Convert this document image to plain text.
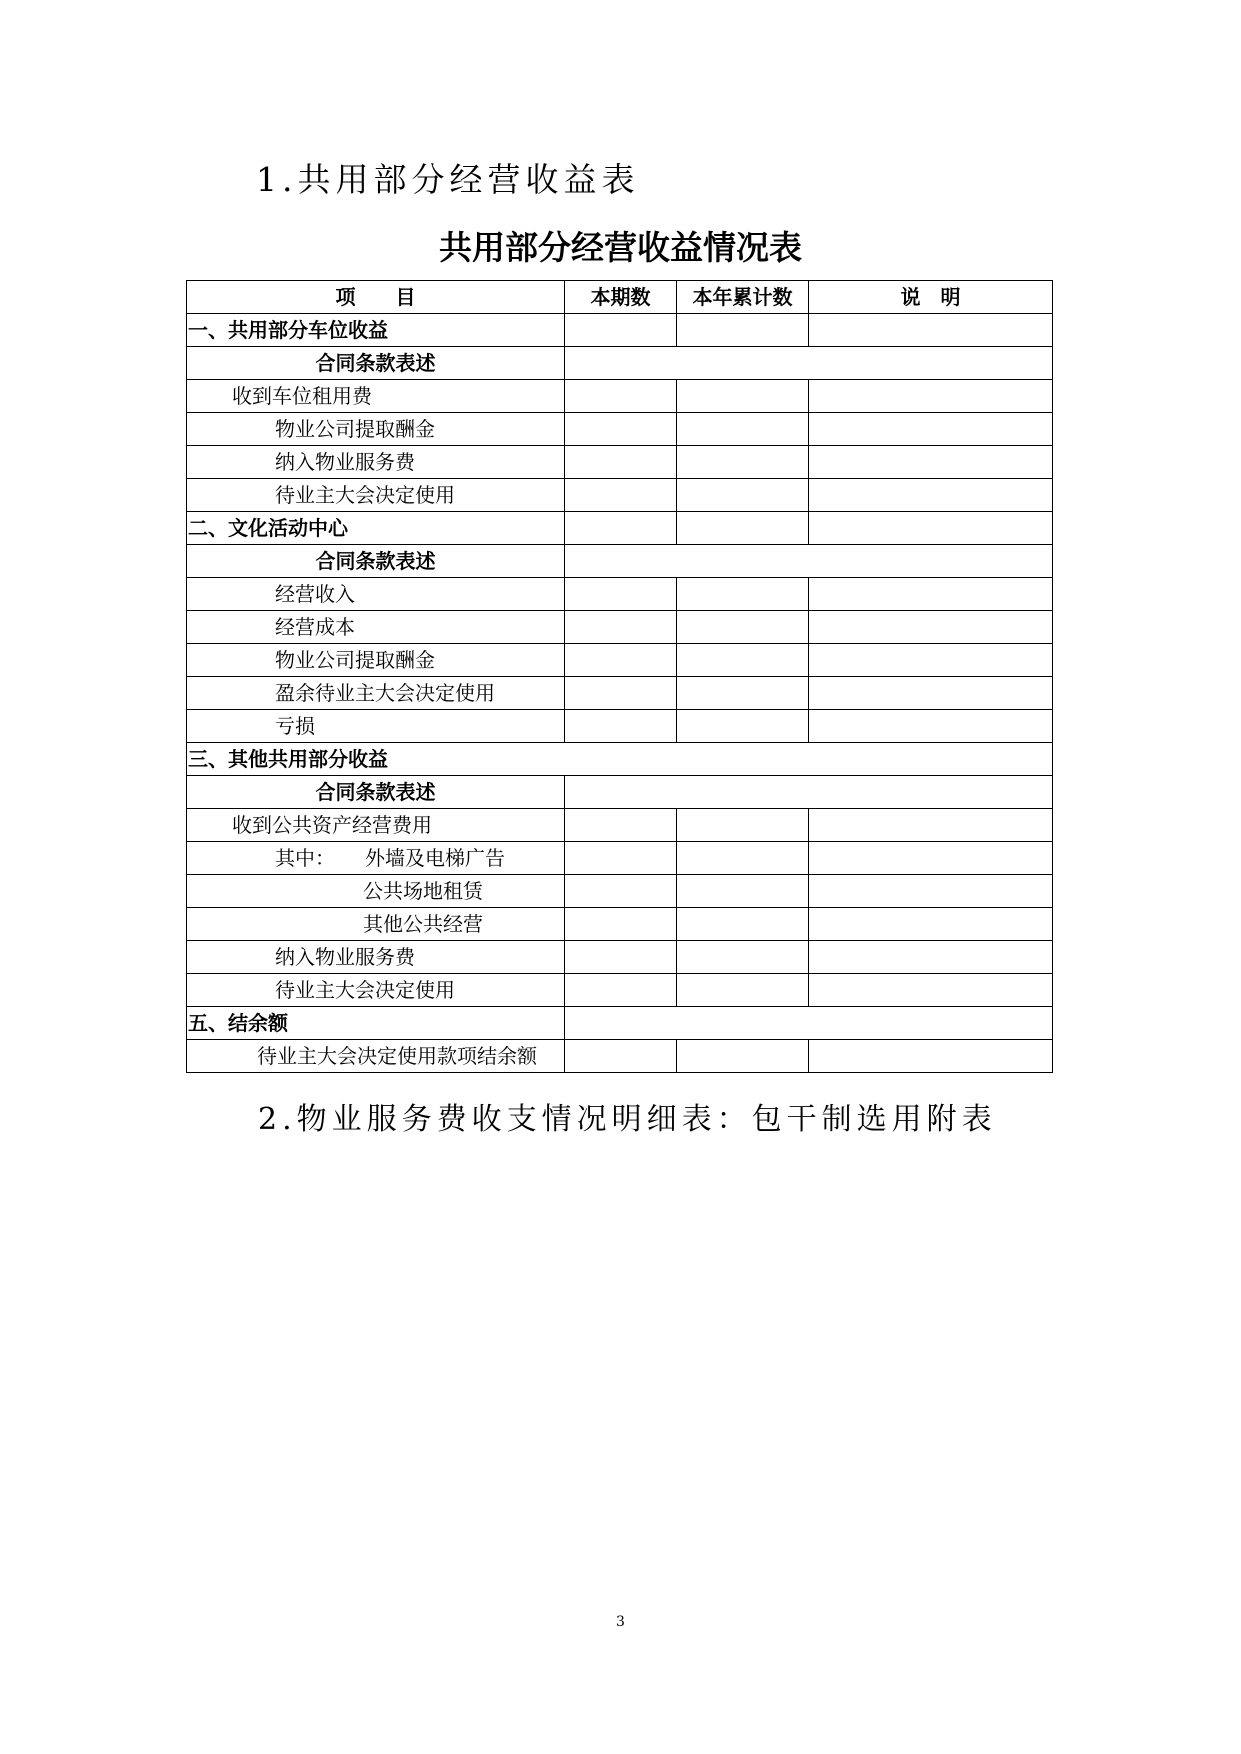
1.共用部分经营收益表
共用部分经营收益情况表
项　　目	本期数	本年累计数	说　明
一、共用部分车位收益			
合同条款表述			
收到车位租用费			
物业公司提取酬金			
纳入物业服务费			
待业主大会决定使用			
二、文化活动中心			
合同条款表述			
经营收入			
经营成本			
物业公司提取酬金			
盈余待业主大会决定使用			
亏损			
三、其他共用部分收益			
合同条款表述			
收到公共资产经营费用			
其中： 外墙及电梯广告			
公共场地租赁			
其他公共经营			
纳入物业服务费			
待业主大会决定使用			
五、结余额			
待业主大会决定使用款项结余额			
2.物业服务费收支情况明细表：包干制选用附表
3
